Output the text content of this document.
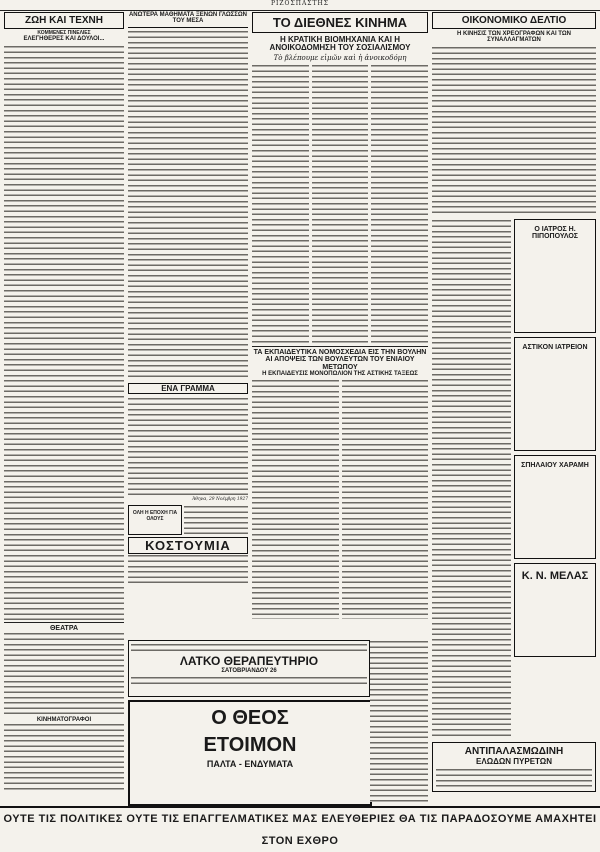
ΡΙΖΟΣΠΑΣΤΗΣ
ΖΩΗ ΚΑΙ ΤΕΧΝΗ
ΚΟΜΜΕΝΕΣ ΠΙΝΕΛΙΕΣ
ΕΛΕΓΗΘΕΡΕΣ ΚΑΙ ΔΟΥΛΟΙ...
ΘΕΑΤΡΑ
ΚΙΝΗΜΑΤΟΓΡΑΦΟΙ
ΑΝΩΤΕΡΑ ΜΑΘΗΜΑΤΑ ΞΕΝΩΝ ΓΛΩΣΣΩΝ ΤΟΥ ΜΕΣΑ
ΕΝΑ ΓΡΑΜΜΑ
Άθηνα, 29 Νοέμβρη 1927
ΟΛΗ Η ΕΠΟΧΗ ΓΙΑ ΟΛΟΥΣ
ΚΟΣΤΟΥΜΙΑ
ΛΑΤΚΟ ΘΕΡΑΠΕΥΤΗΡΙΟ
ΣΑΤΟΒΡΙΑΝΔΟΥ 26
Ο ΘΕΟΣ
ΕΤΟΙΜΟΝ
ΠΑΛΤΑ - ΕΝΔΥΜΑΤΑ
ΤΟ ΔΙΕΘΝΕΣ ΚΙΝΗΜΑ
Η ΚΡΑΤΙΚΗ ΒΙΟΜΗΧΑΝΙΑ ΚΑΙ Η ΑΝΟΙΚΟΔΟΜΗΣΗ ΤΟΥ ΣΟΣΙΑΛΙΣΜΟΥ
Τὸ βλέπουμε εἰμῶν καὶ ἠ ἀνοικοδόμη
ΤΑ ΕΚΠΑΙΔΕΥΤΙΚΑ ΝΟΜΟΣΧΕΔΙΑ ΕΙΣ ΤΗΝ ΒΟΥΛΗΝ
ΑΙ ΑΠΟΨΕΙΣ ΤΩΝ ΒΟΥΛΕΥΤΩΝ ΤΟΥ ΕΝΙΑΙΟΥ ΜΕΤΩΠΟΥ
Η ΕΚΠΑΙΔΕΥΣΙΣ ΜΟΝΟΠΩΛΙΟΝ ΤΗΣ ΑΣΤΙΚΗΣ ΤΑΞΕΩΣ
ΟΙΚΟΝΟΜΙΚΟ ΔΕΛΤΙΟ
Η ΚΙΝΗΣΙΣ ΤΩΝ ΧΡΕΟΓΡΑΦΩΝ ΚΑΙ ΤΩΝ ΣΥΝΑΛΛΑΓΜΑΤΩΝ
Ο ΙΑΤΡΟΣ Η. ΠΙΠΟΠΟΥΛΟΣ
ΑΣΤΙΚΟΝ ΙΑΤΡΕΙΟΝ
ΣΠΗΛΑΙΟΥ ΧΑΡΑΜΗ
Κ. Ν. ΜΕΛΑΣ
ΑΝΤΙΠΑΛΑΣΜΩΔΙΝΗ
ΕΛΩΔΩΝ ΠΥΡΕΤΩΝ
ΟΥΤΕ ΤΙΣ ΠΟΛΙΤΙΚΕΣ ΟΥΤΕ ΤΙΣ ΕΠΑΓΓΕΛΜΑΤΙΚΕΣ ΜΑΣ ΕΛΕΥΘΕΡΙΕΣ ΘΑ ΤΙΣ ΠΑΡΑΔΟΣΟΥΜΕ ΑΜΑΧΗΤΕΙ ΣΤΟΝ ΕΧΘΡΟ
